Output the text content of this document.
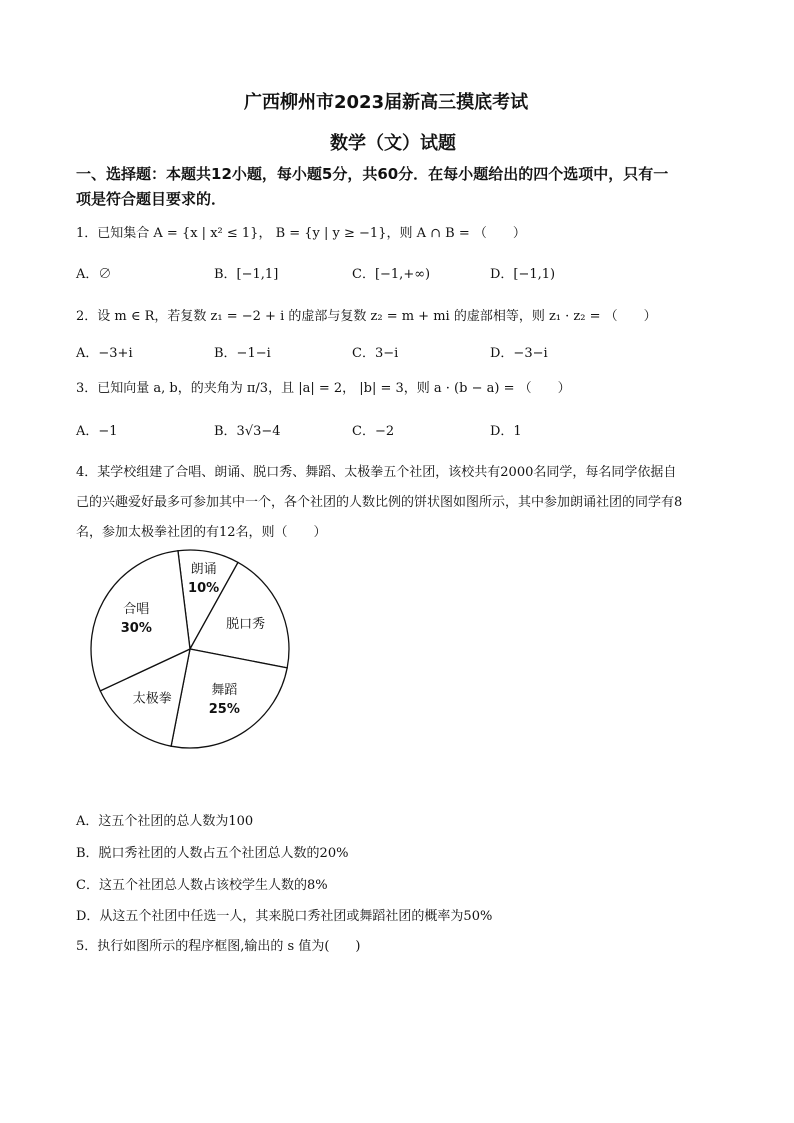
广西柳州市2023届新高三摸底考试
数学（文）试题
一、选择题：本题共12小题，每小题5分，共60分．在每小题给出的四个选项中，只有一
项是符合题目要求的．
1．已知集合 A = {x | x² ≤ 1}， B = {y | y ≥ −1}，则 A ∩ B = （　　）
A．∅	B．[−1,1]	C．[−1,+∞)	D．[−1,1)
2．设 m ∈ R，若复数 z₁ = −2 + i 的虚部与复数 z₂ = m + mi 的虚部相等，则 z₁ · z₂ = （　　）
A．−3+i	B．−1−i	C．3−i	D．−3−i
3．已知向量 a, b，的夹角为 π/3，且 |a| = 2， |b| = 3，则 a · (b − a) = （　　）
A．−1	B．3√3−4	C．−2	D．1
4．某学校组建了合唱、朗诵、脱口秀、舞蹈、太极拳五个社团，该校共有2000名同学，每名同学依据自
己的兴趣爱好最多可参加其中一个，各个社团的人数比例的饼状图如图所示，其中参加朗诵社团的同学有8
名，参加太极拳社团的有12名，则（　　）
朗诵
10%
脱口秀
舞蹈
25%
太极拳
合唱
30%
A．这五个社团的总人数为100
B．脱口秀社团的人数占五个社团总人数的20%
C．这五个社团总人数占该校学生人数的8%
D．从这五个社团中任选一人，其来脱口秀社团或舞蹈社团的概率为50%
5．执行如图所示的程序框图,输出的 s 值为(　　)
